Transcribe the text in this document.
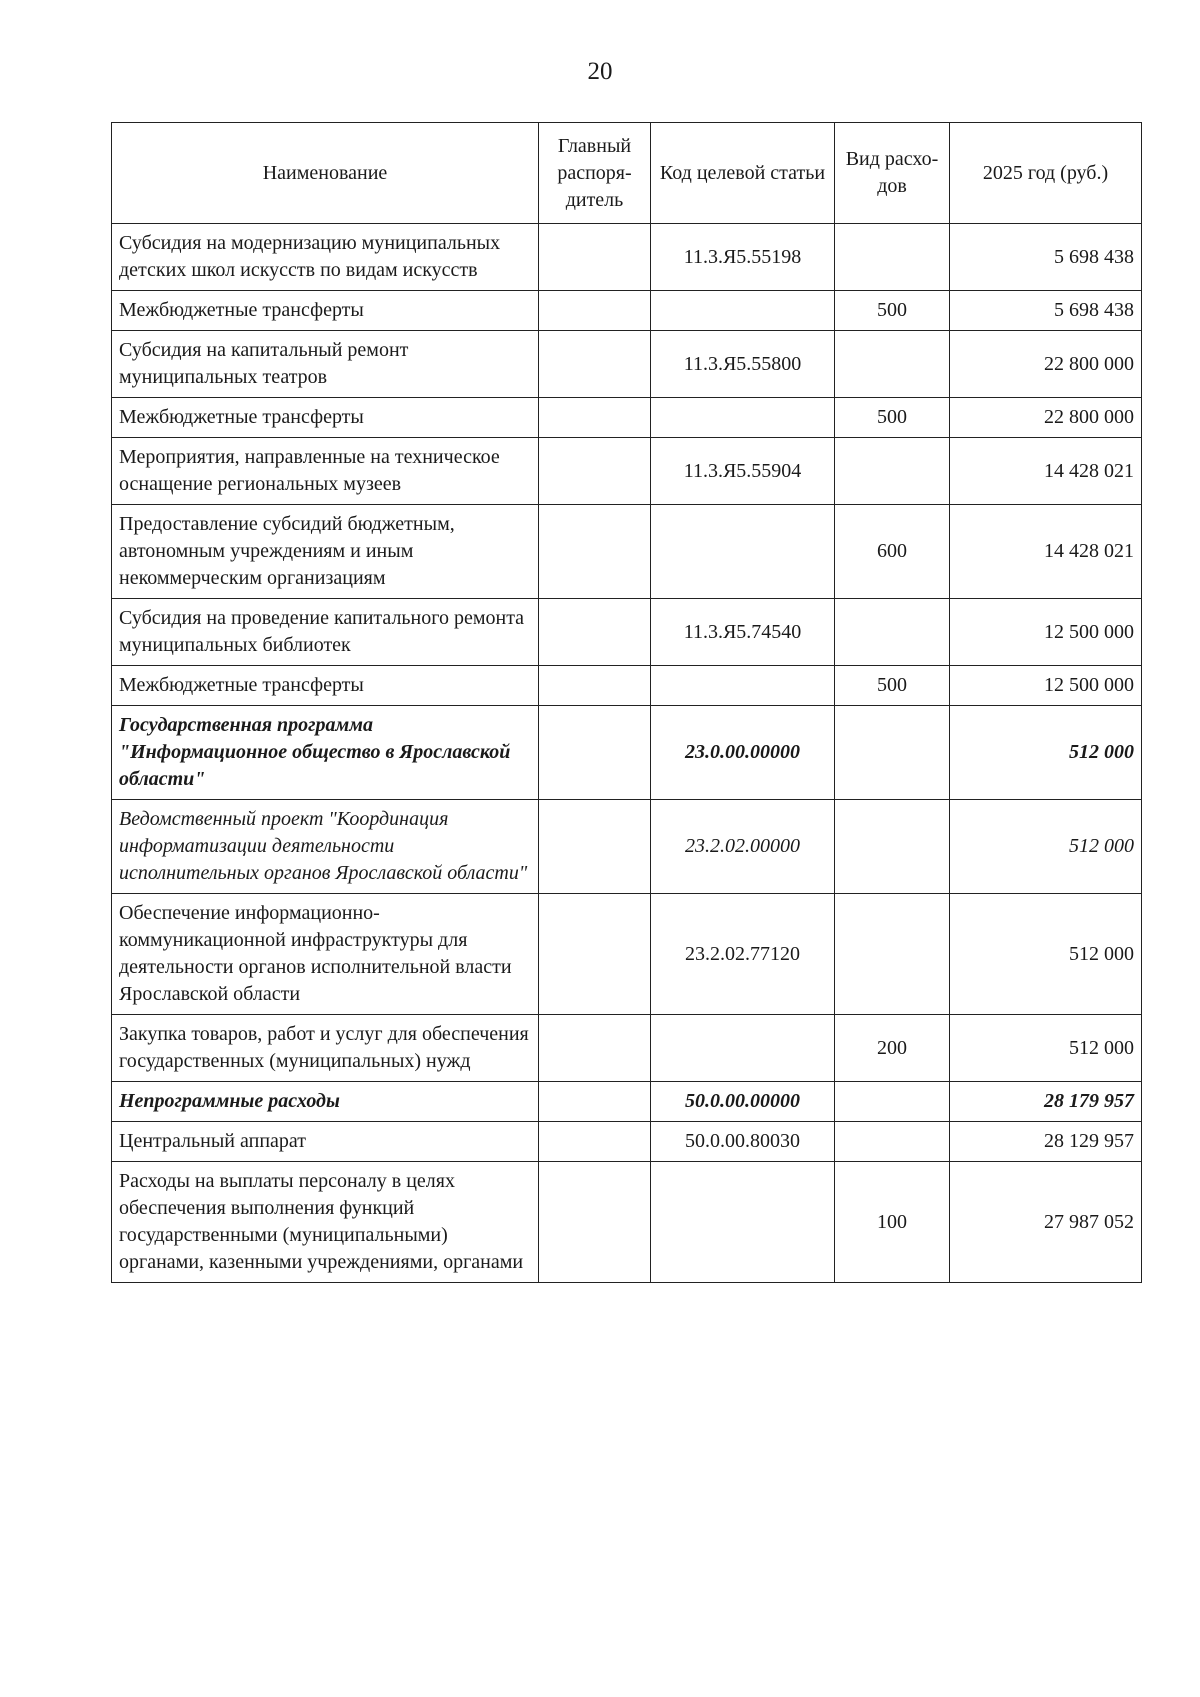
20
Наименование	Главный распоря-дитель	Код целевой статьи	Вид расхо-дов	2025 год (руб.)
Субсидия на модернизацию муниципальных детских школ искусств по видам искусств		11.3.Я5.55198		5 698 438
Межбюджетные трансферты			500	5 698 438
Субсидия на капитальный ремонт муниципальных театров		11.3.Я5.55800		22 800 000
Межбюджетные трансферты			500	22 800 000
Мероприятия, направленные на техническое оснащение региональных музеев		11.3.Я5.55904		14 428 021
Предоставление субсидий бюджетным, автономным учреждениям и иным некоммерческим организациям			600	14 428 021
Субсидия на проведение капитального ремонта муниципальных библиотек		11.3.Я5.74540		12 500 000
Межбюджетные трансферты			500	12 500 000
Государственная программа "Информационное общество в Ярославской области"		23.0.00.00000		512 000
Ведомственный проект "Координация информатизации деятельности исполнительных органов Ярославской области"		23.2.02.00000		512 000
Обеспечение информационно-коммуникационной инфраструктуры для деятельности органов исполнительной власти Ярославской области		23.2.02.77120		512 000
Закупка товаров, работ и услуг для обеспечения государственных (муниципальных) нужд			200	512 000
Непрограммные расходы		50.0.00.00000		28 179 957
Центральный аппарат		50.0.00.80030		28 129 957
Расходы на выплаты персоналу в целях обеспечения выполнения функций государственными (муниципальными) органами, казенными учреждениями, органами			100	27 987 052
